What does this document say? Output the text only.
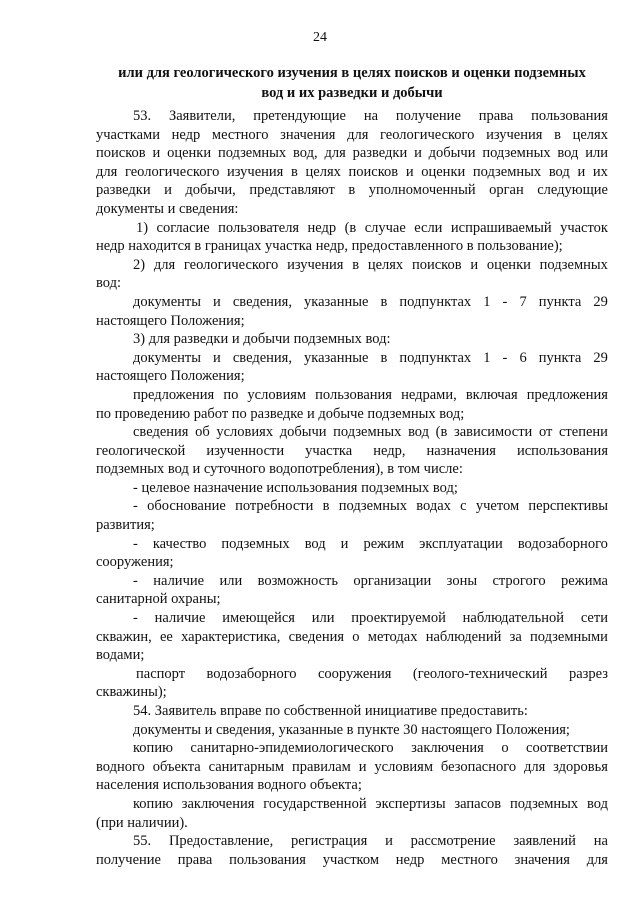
24
или для геологического изучения в целях поисков и оценки подземных
вод и их разведки и добычи
53. Заявители, претендующие на получение права пользования
участками недр местного значения для геологического изучения в целях
поисков и оценки подземных вод, для разведки и добычи подземных вод или
для геологического изучения в целях поисков и оценки подземных вод и их
разведки и добычи, представляют в уполномоченный орган следующие
документы и сведения:
1) согласие пользователя недр (в случае если испрашиваемый участок
недр находится в границах участка недр, предоставленного в пользование);
2) для геологического изучения в целях поисков и оценки подземных
вод:
документы и сведения, указанные в подпунктах 1 - 7 пункта 29
настоящего Положения;
3) для разведки и добычи подземных вод:
документы и сведения, указанные в подпунктах 1 - 6 пункта 29
настоящего Положения;
предложения по условиям пользования недрами, включая предложения
по проведению работ по разведке и добыче подземных вод;
сведения об условиях добычи подземных вод (в зависимости от степени
геологической изученности участка недр, назначения использования
подземных вод и суточного водопотребления), в том числе:
- целевое назначение использования подземных вод;
- обоснование потребности в подземных водах с учетом перспективы
развития;
- качество подземных вод и режим эксплуатации водозаборного
сооружения;
- наличие или возможность организации зоны строгого режима
санитарной охраны;
- наличие имеющейся или проектируемой наблюдательной сети
скважин, ее характеристика, сведения о методах наблюдений за подземными
водами;
паспорт водозаборного сооружения (геолого-технический разрез
скважины);
54. Заявитель вправе по собственной инициативе предоставить:
документы и сведения, указанные в пункте 30 настоящего Положения;
копию санитарно-эпидемиологического заключения о соответствии
водного объекта санитарным правилам и условиям безопасного для здоровья
населения использования водного объекта;
копию заключения государственной экспертизы запасов подземных вод
(при наличии).
55. Предоставление, регистрация и рассмотрение заявлений на
получение права пользования участком недр местного значения для
